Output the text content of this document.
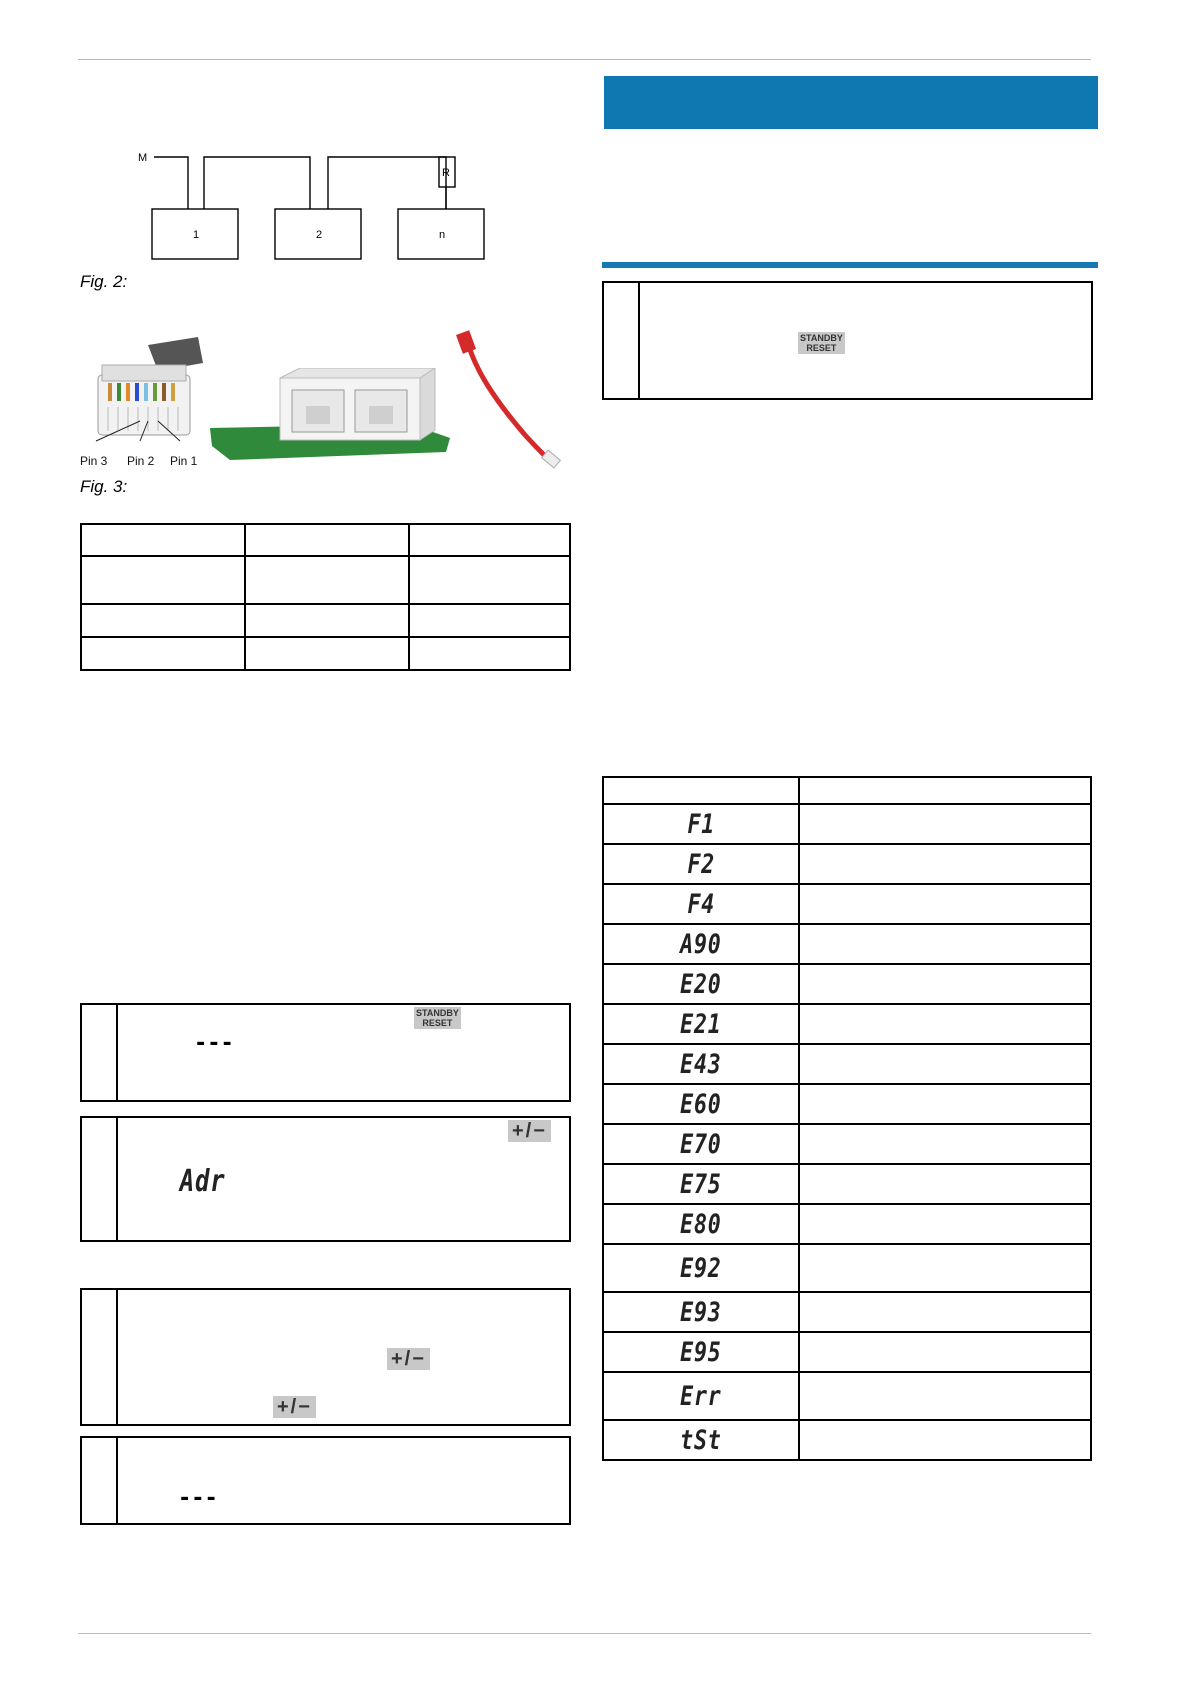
M
R
1	2	n
Fig. 2:
Pin 3 Pin 2 Pin 1
Fig. 3:

STANDBY
RESET
---
+/−
Adr
+/−
+/−
---
STANDBY
RESET

F1	
F2	
F4	
A90	
E20	
E21	
E43	
E60	
E70	
E75	
E80	
E92	
E93	
E95	
Err	
tSt	
